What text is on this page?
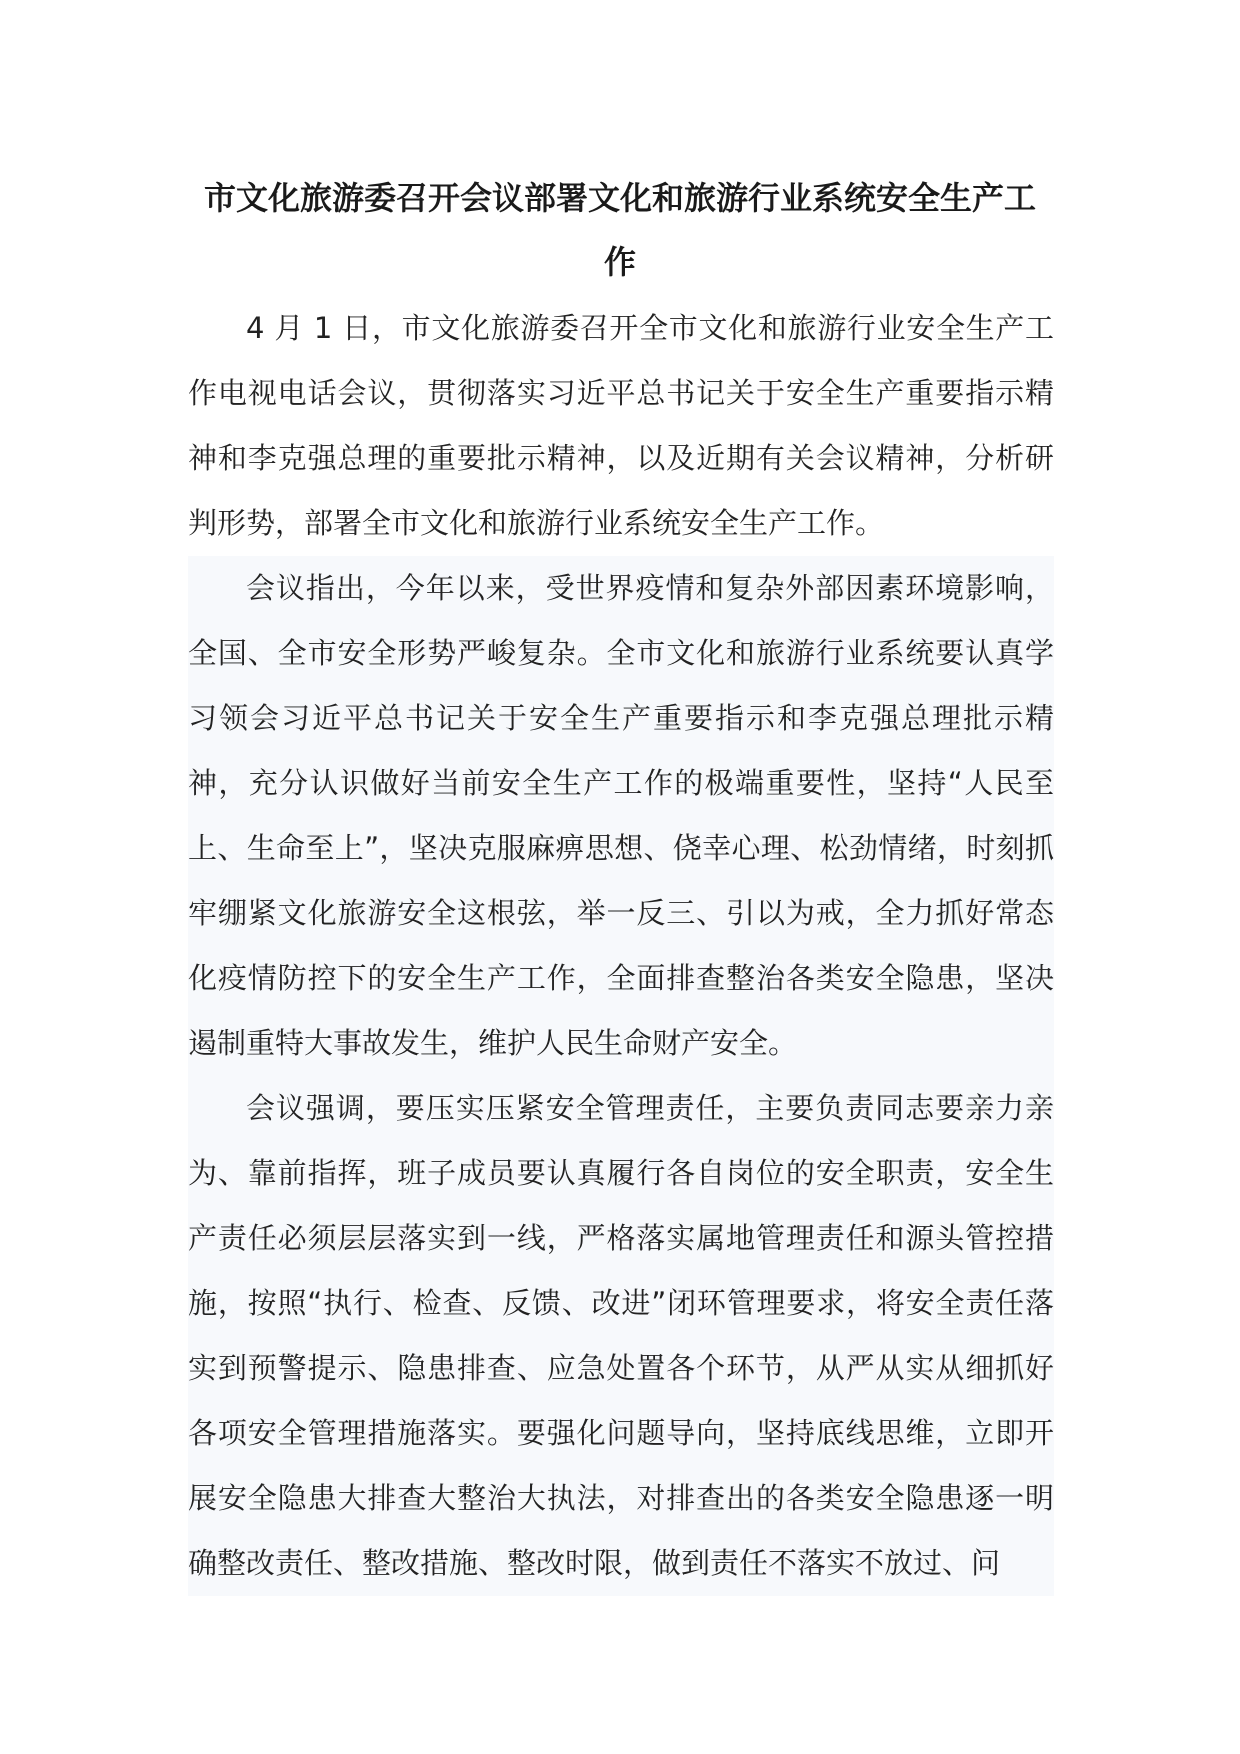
市文化旅游委召开会议部署文化和旅游行业系统安全生产工作

4 月 1 日，市文化旅游委召开全市文化和旅游行业安全生产工作电视电话会议，贯彻落实习近平总书记关于安全生产重要指示精神和李克强总理的重要批示精神，以及近期有关会议精神，分析研判形势，部署全市文化和旅游行业系统安全生产工作。

会议指出，今年以来，受世界疫情和复杂外部因素环境影响，全国、全市安全形势严峻复杂。全市文化和旅游行业系统要认真学习领会习近平总书记关于安全生产重要指示和李克强总理批示精神，充分认识做好当前安全生产工作的极端重要性，坚持“人民至上、生命至上”，坚决克服麻痹思想、侥幸心理、松劲情绪，时刻抓牢绷紧文化旅游安全这根弦，举一反三、引以为戒，全力抓好常态化疫情防控下的安全生产工作，全面排查整治各类安全隐患，坚决遏制重特大事故发生，维护人民生命财产安全。

会议强调，要压实压紧安全管理责任，主要负责同志要亲力亲为、靠前指挥，班子成员要认真履行各自岗位的安全职责，安全生产责任必须层层落实到一线，严格落实属地管理责任和源头管控措施，按照“执行、检查、反馈、改进”闭环管理要求，将安全责任落实到预警提示、隐患排查、应急处置各个环节，从严从实从细抓好各项安全管理措施落实。要强化问题导向，坚持底线思维，立即开展安全隐患大排查大整治大执法，对排查出的各类安全隐患逐一明确整改责任、整改措施、整改时限，做到责任不落实不放过、问
